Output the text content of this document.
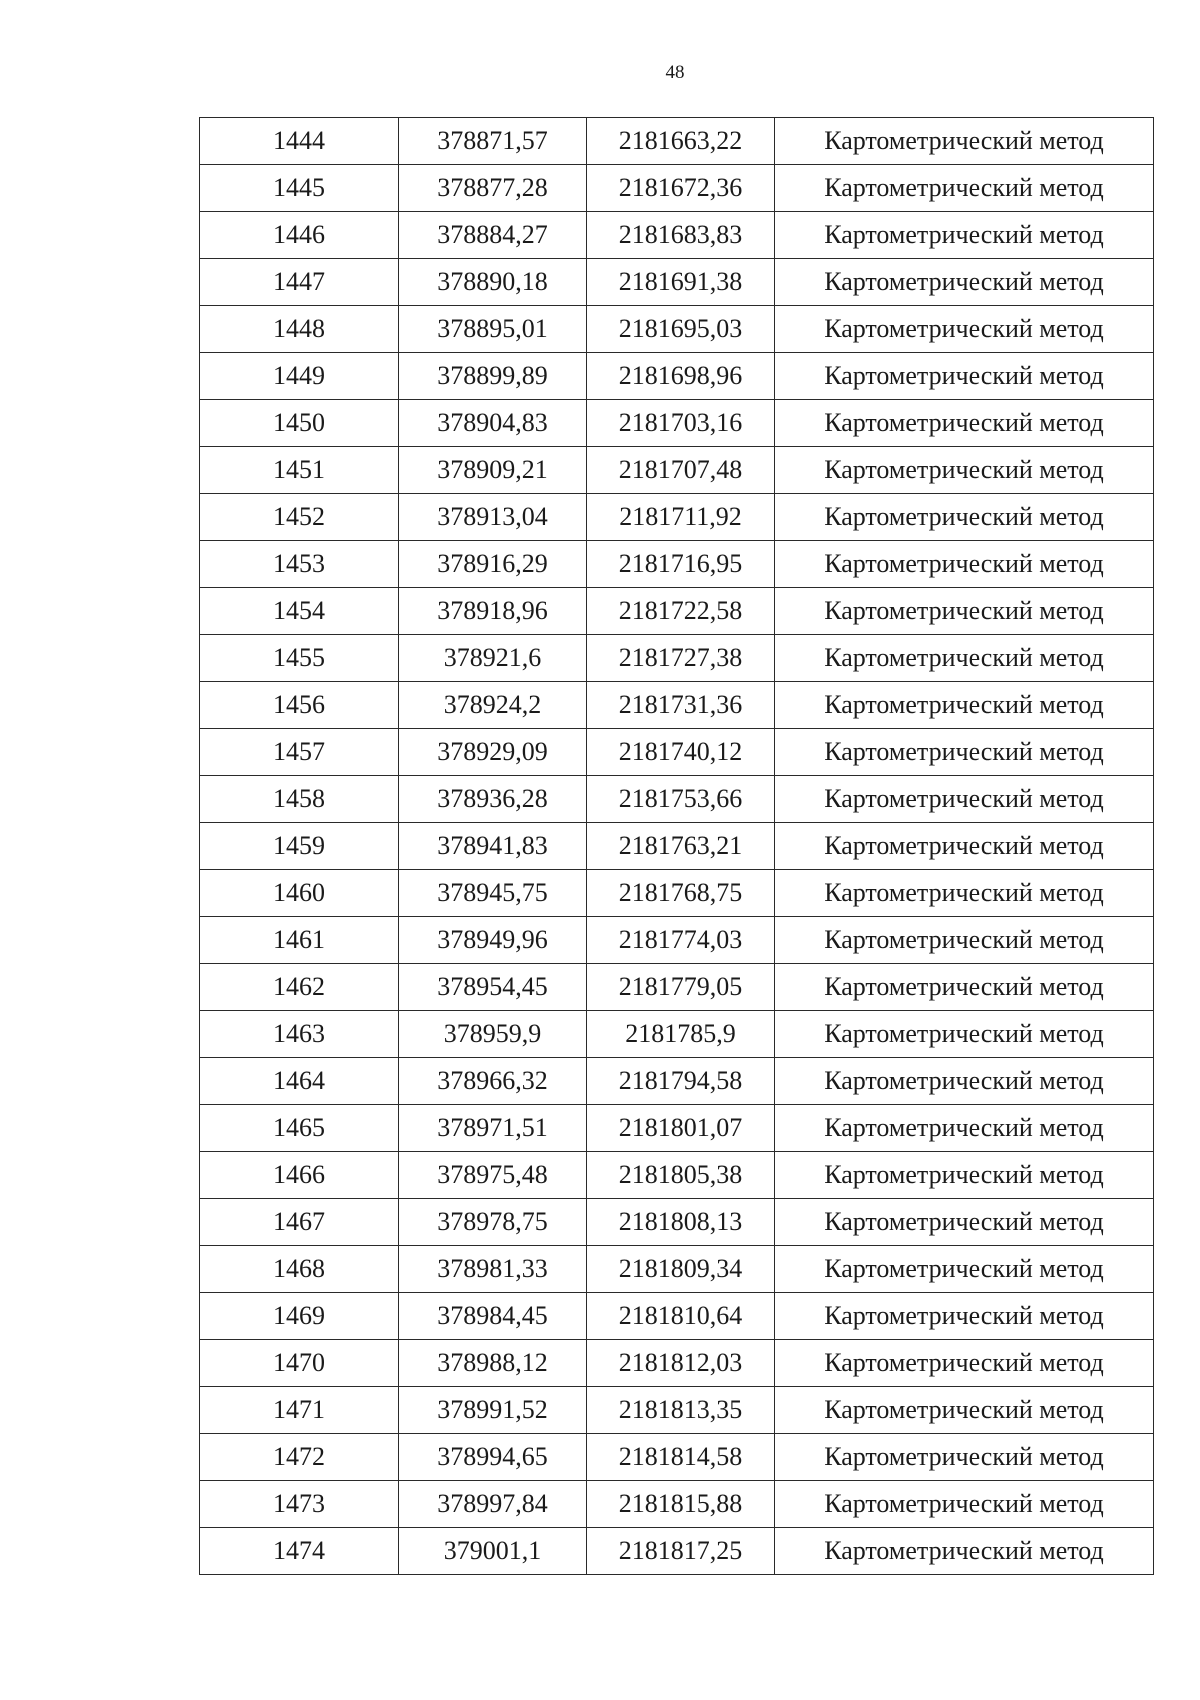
48
1444	378871,57	2181663,22	Картометрический метод
1445	378877,28	2181672,36	Картометрический метод
1446	378884,27	2181683,83	Картометрический метод
1447	378890,18	2181691,38	Картометрический метод
1448	378895,01	2181695,03	Картометрический метод
1449	378899,89	2181698,96	Картометрический метод
1450	378904,83	2181703,16	Картометрический метод
1451	378909,21	2181707,48	Картометрический метод
1452	378913,04	2181711,92	Картометрический метод
1453	378916,29	2181716,95	Картометрический метод
1454	378918,96	2181722,58	Картометрический метод
1455	378921,6	2181727,38	Картометрический метод
1456	378924,2	2181731,36	Картометрический метод
1457	378929,09	2181740,12	Картометрический метод
1458	378936,28	2181753,66	Картометрический метод
1459	378941,83	2181763,21	Картометрический метод
1460	378945,75	2181768,75	Картометрический метод
1461	378949,96	2181774,03	Картометрический метод
1462	378954,45	2181779,05	Картометрический метод
1463	378959,9	2181785,9	Картометрический метод
1464	378966,32	2181794,58	Картометрический метод
1465	378971,51	2181801,07	Картометрический метод
1466	378975,48	2181805,38	Картометрический метод
1467	378978,75	2181808,13	Картометрический метод
1468	378981,33	2181809,34	Картометрический метод
1469	378984,45	2181810,64	Картометрический метод
1470	378988,12	2181812,03	Картометрический метод
1471	378991,52	2181813,35	Картометрический метод
1472	378994,65	2181814,58	Картометрический метод
1473	378997,84	2181815,88	Картометрический метод
1474	379001,1	2181817,25	Картометрический метод
